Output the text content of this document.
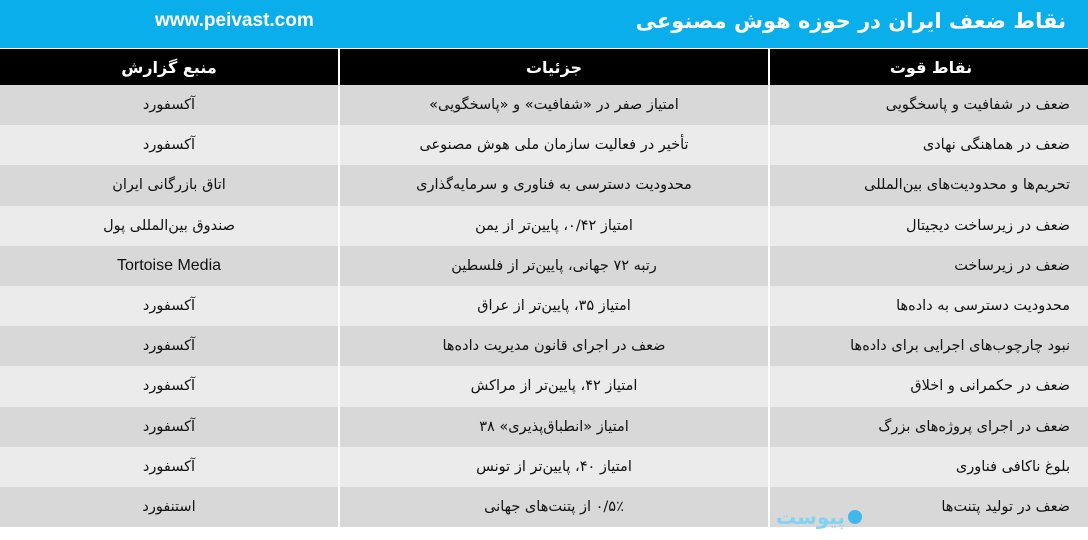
نقاط ضعف ایران در حوزه هوش مصنوعی
www.peivast.com
نقاط قوت	جزئیات	منبع گزارش
ضعف در شفافیت و پاسخگویی	امتیاز صفر در «شفافیت» و «پاسخگویی»	آکسفورد
ضعف در هماهنگی نهادی	تأخیر در فعالیت سازمان ملی هوش مصنوعی	آکسفورد
تحریم‌ها و محدودیت‌های بین‌المللی	محدودیت دسترسی به فناوری و سرمایه‌گذاری	اتاق بازرگانی ایران
ضعف در زیرساخت دیجیتال	امتیاز ۰/۴۲، پایین‌تر از یمن	صندوق بین‌المللی پول
ضعف در زیرساخت	رتبه ۷۲ جهانی، پایین‌تر از فلسطین	Tortoise Media
محدودیت دسترسی به داده‌ها	امتیاز ۳۵، پایین‌تر از عراق	آکسفورد
نبود چارچوب‌های اجرایی برای داده‌ها	ضعف در اجرای قانون مدیریت داده‌ها	آکسفورد
ضعف در حکمرانی و اخلاق	امتیاز ۴۲، پایین‌تر از مراکش	آکسفورد
ضعف در اجرای پروژه‌های بزرگ	امتیاز «انطباق‌پذیری» ۳۸	آکسفورد
بلوغ ناکافی فناوری	امتیاز ۴۰، پایین‌تر از تونس	آکسفورد
ضعف در تولید پتنت‌ها	۰/۵٪ از پتنت‌های جهانی	استنفورد	پیوست
